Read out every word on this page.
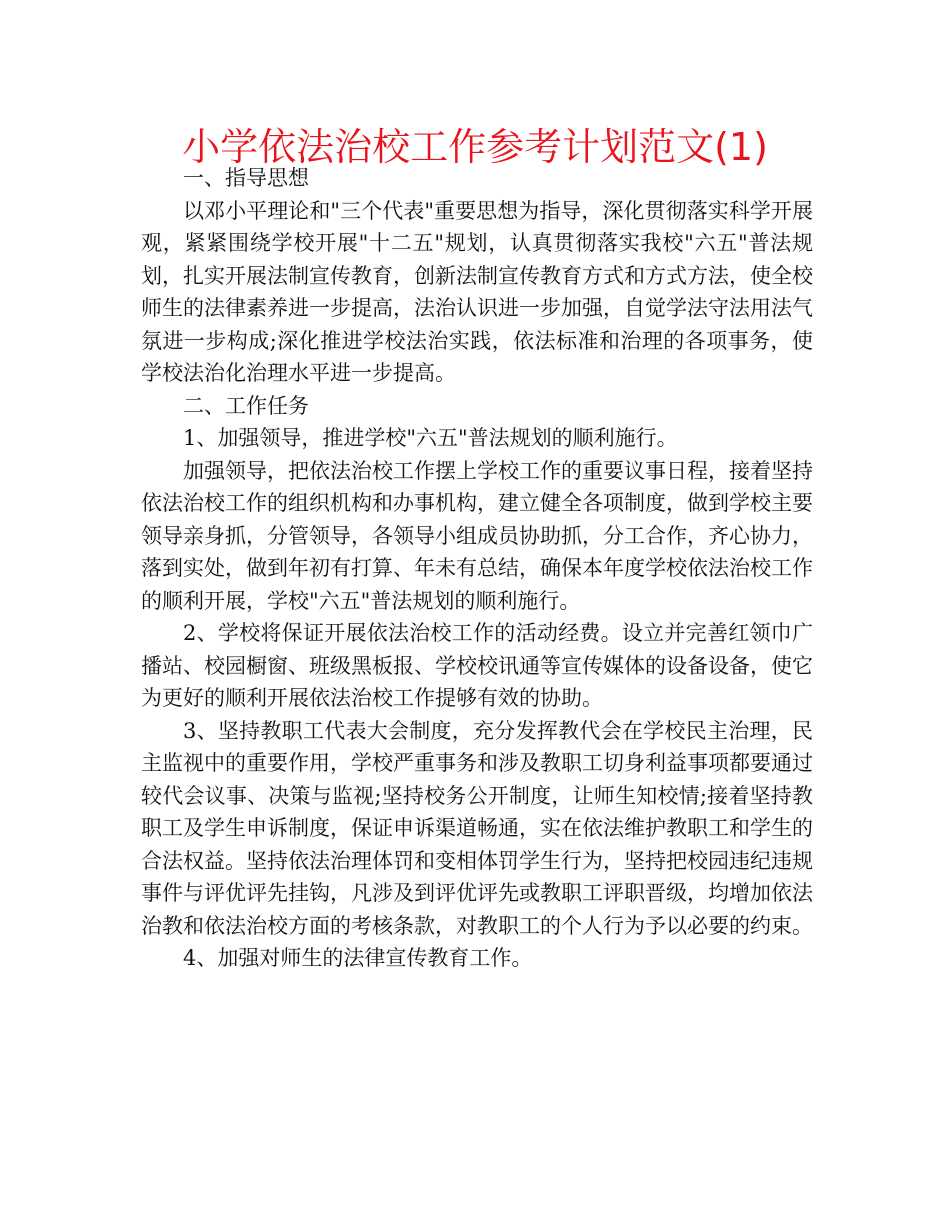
小学依法治校工作参考计划范文(1)

一、指导思想

以邓小平理论和"三个代表"重要思想为指导，深化贯彻落实科学开展观，紧紧围绕学校开展"十二五"规划，认真贯彻落实我校"六五"普法规划，扎实开展法制宣传教育，创新法制宣传教育方式和方式方法，使全校师生的法律素养进一步提高，法治认识进一步加强，自觉学法守法用法气氛进一步构成;深化推进学校法治实践，依法标准和治理的各项事务，使学校法治化治理水平进一步提高。

二、工作任务

1、加强领导，推进学校"六五"普法规划的顺利施行。

加强领导，把依法治校工作摆上学校工作的重要议事日程，接着坚持依法治校工作的组织机构和办事机构，建立健全各项制度，做到学校主要领导亲身抓，分管领导，各领导小组成员协助抓，分工合作，齐心协力，落到实处，做到年初有打算、年未有总结，确保本年度学校依法治校工作的顺利开展，学校"六五"普法规划的顺利施行。

2、学校将保证开展依法治校工作的活动经费。设立并完善红领巾广播站、校园橱窗、班级黑板报、学校校讯通等宣传媒体的设备设备，使它为更好的顺利开展依法治校工作提够有效的协助。

3、坚持教职工代表大会制度，充分发挥教代会在学校民主治理，民主监视中的重要作用，学校严重事务和涉及教职工切身利益事项都要通过较代会议事、决策与监视;坚持校务公开制度，让师生知校情;接着坚持教职工及学生申诉制度，保证申诉渠道畅通，实在依法维护教职工和学生的合法权益。坚持依法治理体罚和变相体罚学生行为，坚持把校园违纪违规事件与评优评先挂钩，凡涉及到评优评先或教职工评职晋级，均增加依法治教和依法治校方面的考核条款，对教职工的个人行为予以必要的约束。

4、加强对师生的法律宣传教育工作。
